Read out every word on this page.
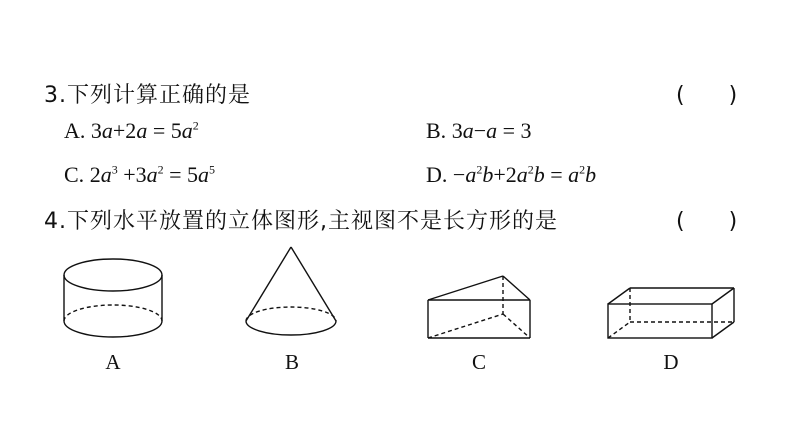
3.下列计算正确的是	(　　)
A. $3a+2a = 5a^2$	B. 3a−a = 3
C. $2a^3 +3a^2 = 5a^5$	D. $-a^2b+2a^2b = a^2b$
4.下列水平放置的立体图形,主视图不是长方形的是	(　　)
A	B	C	D
